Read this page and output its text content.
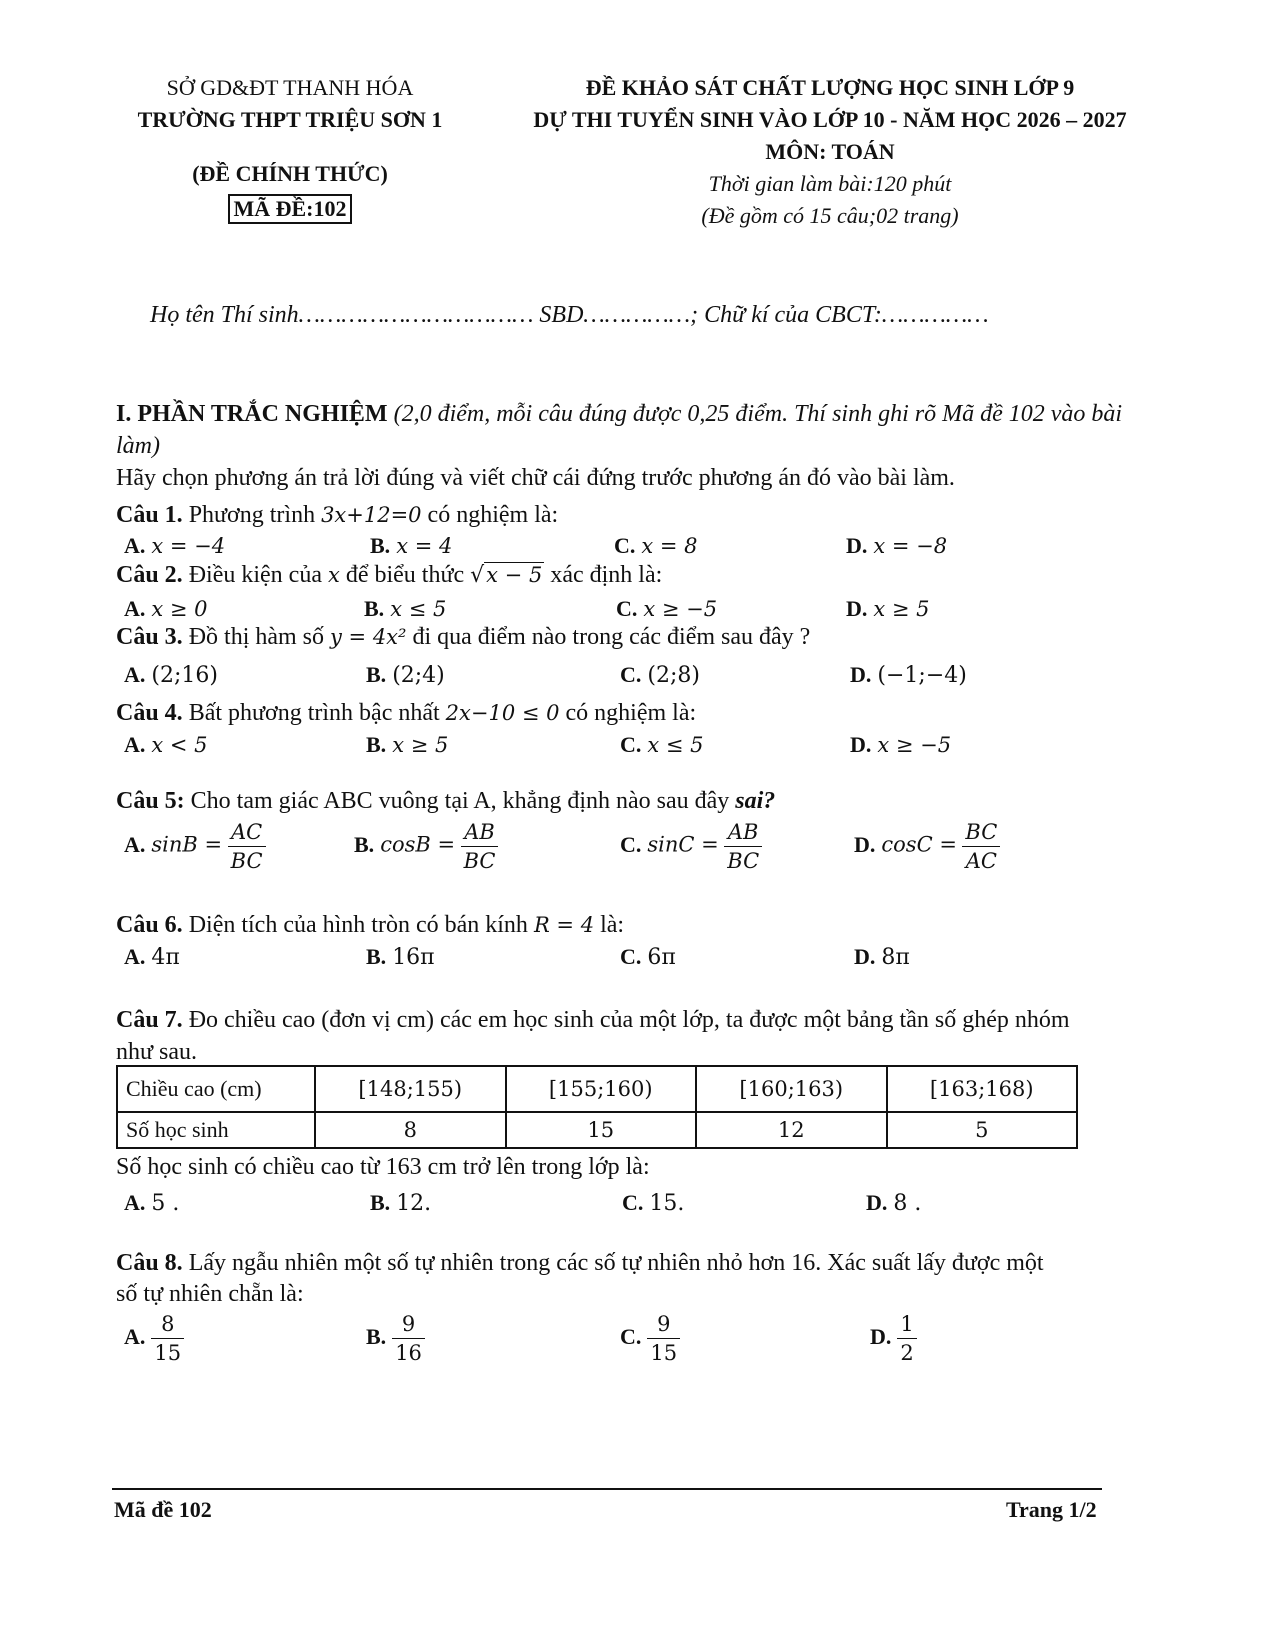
SỞ GD&ĐT THANH HÓA
TRƯỜNG THPT TRIỆU SƠN 1
(ĐỀ CHÍNH THỨC)
MÃ ĐỀ:102
ĐỀ KHẢO SÁT CHẤT LƯỢNG HỌC SINH LỚP 9
DỰ THI TUYỂN SINH VÀO LỚP 10 - NĂM HỌC 2026 – 2027
MÔN: TOÁN
Thời gian làm bài:120 phút
(Đề gồm có 15 câu;02 trang)
Họ tên Thí sinh…………………………… SBD……………; Chữ kí của CBCT:……………
I. PHẦN TRẮC NGHIỆM (2,0 điểm, mỗi câu đúng được 0,25 điểm. Thí sinh ghi rõ Mã đề 102 vào bài làm)
Hãy chọn phương án trả lời đúng và viết chữ cái đứng trước phương án đó vào bài làm.
Câu 1. Phương trình 3x+12=0 có nghiệm là:
A. x = −4	B. x = 4	C. x = 8	D. x = −8
Câu 2. Điều kiện của x để biểu thức √x − 5 xác định là:
A. x ≥ 0	B. x ≤ 5	C. x ≥ −5	D. x ≥ 5
Câu 3. Đồ thị hàm số y = 4x² đi qua điểm nào trong các điểm sau đây ?
A. (2;16)	B. (2;4)	C. (2;8)	D. (−1;−4)
Câu 4. Bất phương trình bậc nhất 2x−10 ≤ 0 có nghiệm là:
A. x < 5	B. x ≥ 5	C. x ≤ 5	D. x ≥ −5
Câu 5: Cho tam giác ABC vuông tại A, khẳng định nào sau đây sai?
A. $\sin B = \frac{AC}{BC}$	B. $\cos B = \frac{AB}{BC}$	C. $\sin C = \frac{AB}{BC}$	D. $\cos C = \frac{BC}{AC}$
Câu 6. Diện tích của hình tròn có bán kính R = 4 là:
A. 4π	B. 16π	C. 6π	D. 8π
Câu 7. Đo chiều cao (đơn vị cm) các em học sinh của một lớp, ta được một bảng tần số ghép nhóm như sau.
Chiều cao (cm)	[148;155)	[155;160)	[160;163)	[163;168)
Số học sinh	8	15	12	5
Số học sinh có chiều cao từ 163 cm trở lên trong lớp là:
A. 5 .	B. 12.	C. 15.	D. 8 .
Câu 8. Lấy ngẫu nhiên một số tự nhiên trong các số tự nhiên nhỏ hơn 16. Xác suất lấy được một
số tự nhiên chẵn là:
A. $\frac{8}{15}$	B. $\frac{9}{16}$	C. $\frac{9}{15}$	D. $\frac{1}{2}$
Mã đề 102	Trang 1/2
